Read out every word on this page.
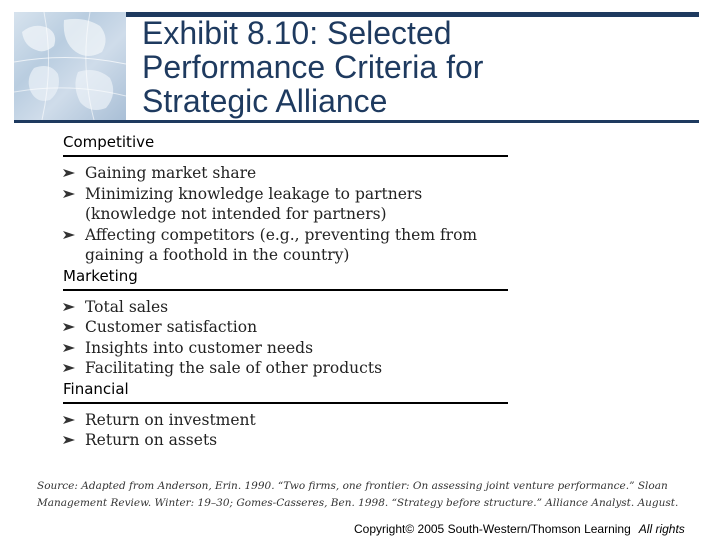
Exhibit 8.10: Selected
Performance Criteria for
Strategic Alliance
Competitive
Gaining market share
Minimizing knowledge leakage to partners (knowledge not intended for partners)
Affecting competitors (e.g., preventing them from gaining a foothold in the country)
Marketing
Total sales
Customer satisfaction
Insights into customer needs
Facilitating the sale of other products
Financial
Return on investment
Return on assets
Source: Adapted from Anderson, Erin. 1990. “Two firms, one frontier: On assessing joint venture performance.” Sloan Management Review. Winter: 19–30; Gomes-Casseres, Ben. 1998. “Strategy before structure.” Alliance Analyst. August.
Copyright© 2005 South-Western/Thomson Learning All rights
